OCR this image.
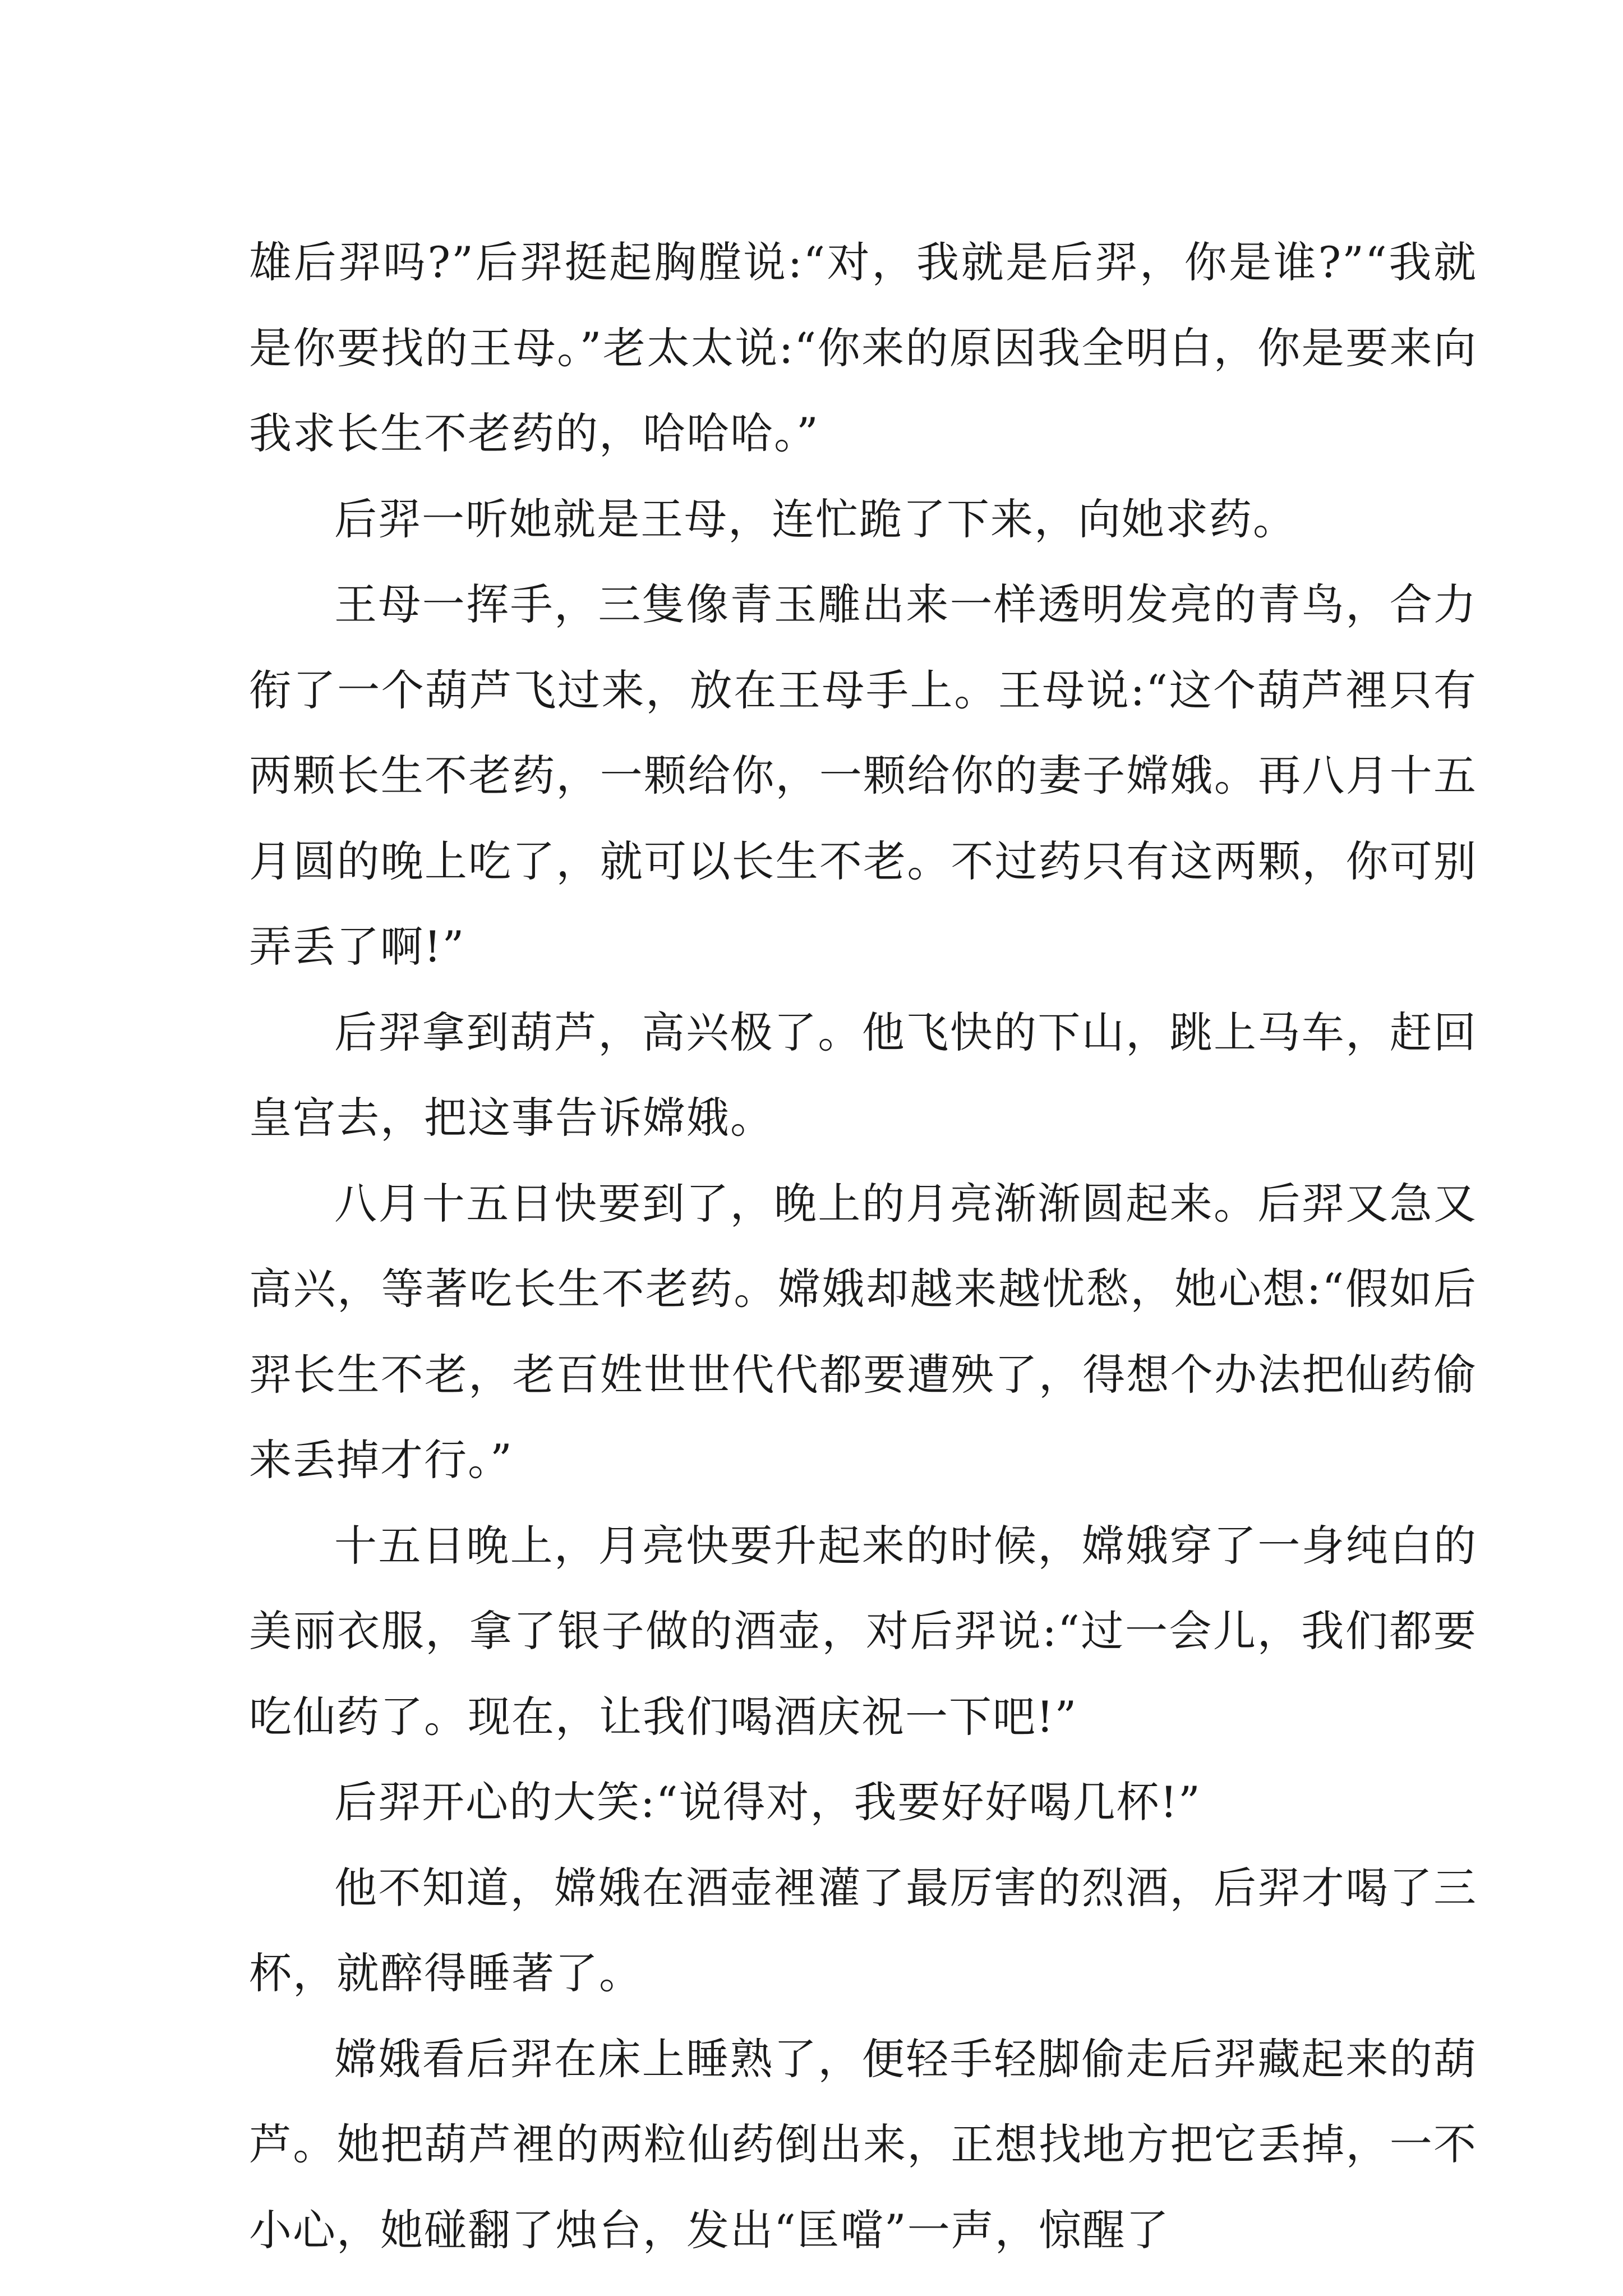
雄后羿吗?”后羿挺起胸膛说:“对，我就是后羿，你是谁?”“我就是你要找的王母。”老太太说:“你来的原因我全明白，你是要来向我求长生不老药的，哈哈哈。”

后羿一听她就是王母，连忙跪了下来，向她求药。

王母一挥手，三隻像青玉雕出来一样透明发亮的青鸟，合力衔了一个葫芦飞过来，放在王母手上。王母说:“这个葫芦裡只有两颗长生不老药，一颗给你，一颗给你的妻子嫦娥。再八月十五月圆的晚上吃了，就可以长生不老。不过药只有这两颗，你可别弄丢了啊!”

后羿拿到葫芦，高兴极了。他飞快的下山，跳上马车，赶回皇宫去，把这事告诉嫦娥。

八月十五日快要到了，晚上的月亮渐渐圆起来。后羿又急又高兴，等著吃长生不老药。嫦娥却越来越忧愁，她心想:“假如后羿长生不老，老百姓世世代代都要遭殃了，得想个办法把仙药偷来丢掉才行。”

十五日晚上，月亮快要升起来的时候，嫦娥穿了一身纯白的美丽衣服，拿了银子做的酒壶，对后羿说:“过一会儿，我们都要吃仙药了。现在，让我们喝酒庆祝一下吧!”

后羿开心的大笑:“说得对，我要好好喝几杯!”

他不知道，嫦娥在酒壶裡灌了最厉害的烈酒，后羿才喝了三杯，就醉得睡著了。

嫦娥看后羿在床上睡熟了，便轻手轻脚偷走后羿藏起来的葫芦。她把葫芦裡的两粒仙药倒出来，正想找地方把它丢掉，一不小心，她碰翻了烛台，发出“匡噹”一声，惊醒了
